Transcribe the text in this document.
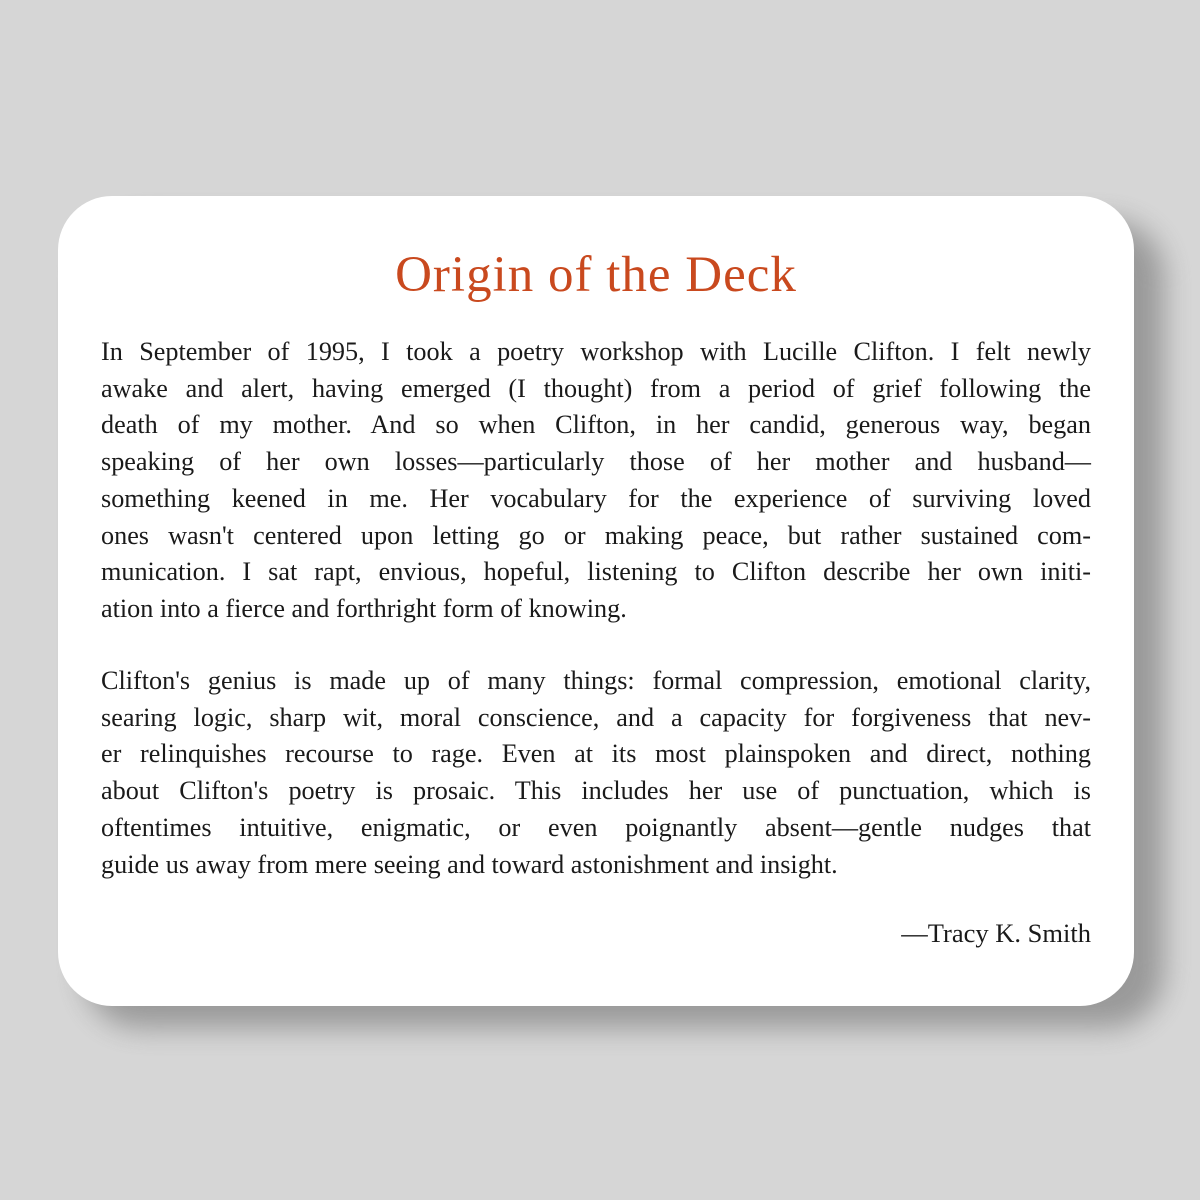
Origin of the Deck
In September of 1995, I took a poetry workshop with Lucille Clifton. I felt newly
awake and alert, having emerged (I thought) from a period of grief following the
death of my mother. And so when Clifton, in her candid, generous way, began
speaking of her own losses—particularly those of her mother and husband—
something keened in me. Her vocabulary for the experience of surviving loved
ones wasn't centered upon letting go or making peace, but rather sustained com-
munication. I sat rapt, envious, hopeful, listening to Clifton describe her own initi-
ation into a fierce and forthright form of knowing.
Clifton's genius is made up of many things: formal compression, emotional clarity,
searing logic, sharp wit, moral conscience, and a capacity for forgiveness that nev-
er relinquishes recourse to rage. Even at its most plainspoken and direct, nothing
about Clifton's poetry is prosaic. This includes her use of punctuation, which is
oftentimes intuitive, enigmatic, or even poignantly absent—gentle nudges that
guide us away from mere seeing and toward astonishment and insight.

—Tracy K. Smith
